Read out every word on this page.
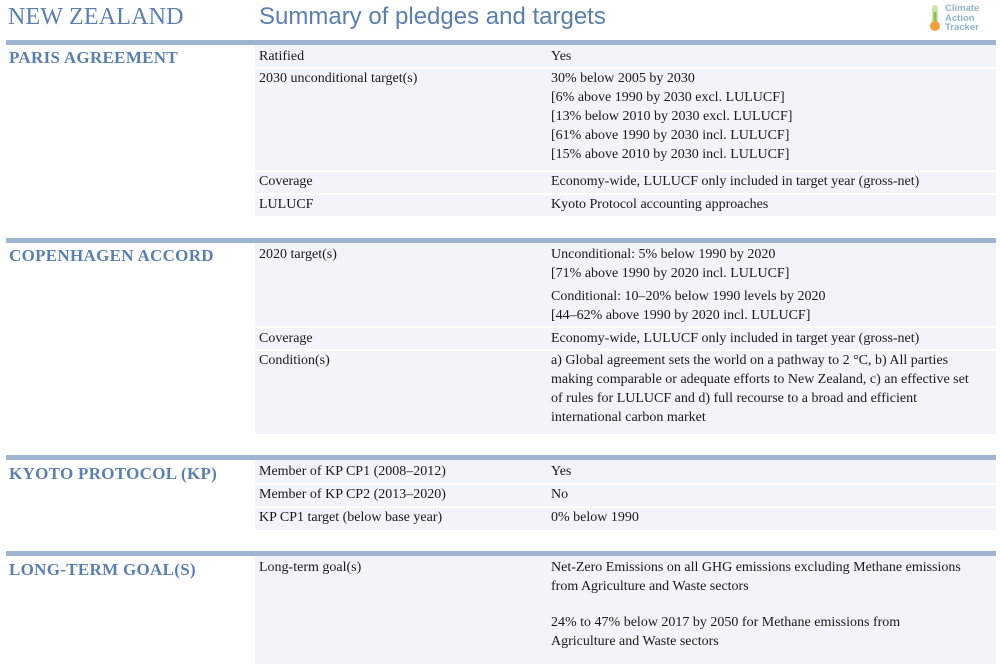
NEW ZEALAND	Summary of pledges and targets	Climate
Action
Tracker
PARIS AGREEMENT	Ratified	Yes
2030 unconditional target(s)	30% below 2005 by 2030
[6% above 1990 by 2030 excl. LULUCF]
[13% below 2010 by 2030 excl. LULUCF]
[61% above 1990 by 2030 incl. LULUCF]
[15% above 2010 by 2030 incl. LULUCF]
Coverage	Economy-wide, LULUCF only included in target year (gross-net)
LULUCF	Kyoto Protocol accounting approaches
COPENHAGEN ACCORD	2020 target(s)	Unconditional: 5% below 1990 by 2020
[71% above 1990 by 2020 incl. LULUCF]
Conditional: 10–20% below 1990 levels by 2020
[44–62% above 1990 by 2020 incl. LULUCF]
Coverage	Economy-wide, LULUCF only included in target year (gross-net)
Condition(s)	a) Global agreement sets the world on a pathway to 2 °C, b) All parties
making comparable or adequate efforts to New Zealand, c) an effective set
of rules for LULUCF and d) full recourse to a broad and efficient
international carbon market
KYOTO PROTOCOL (KP)	Member of KP CP1 (2008–2012)	Yes
Member of KP CP2 (2013–2020)	No
KP CP1 target (below base year)	0% below 1990
LONG-TERM GOAL(S)	Long-term goal(s)	Net-Zero Emissions on all GHG emissions excluding Methane emissions
from Agriculture and Waste sectors
24% to 47% below 2017 by 2050 for Methane emissions from
Agriculture and Waste sectors
